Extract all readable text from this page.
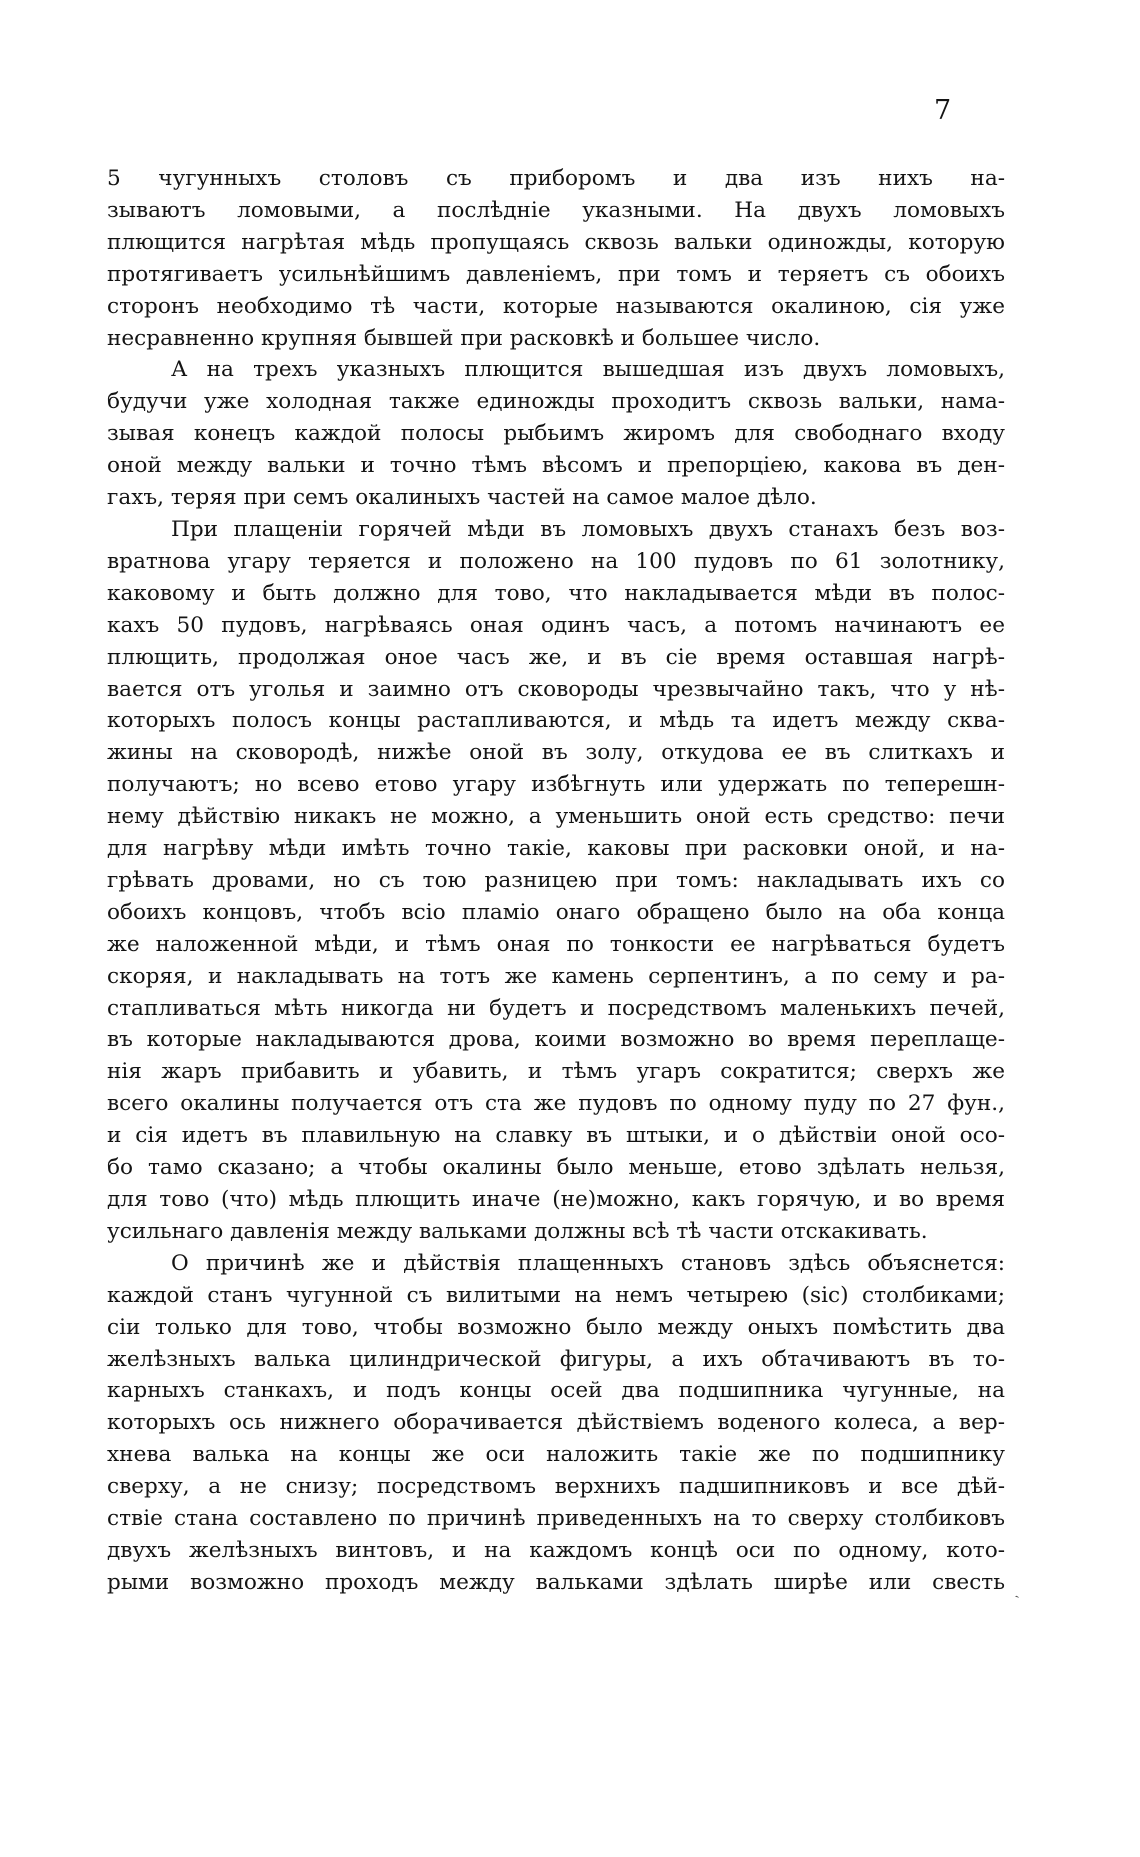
7
5 чугунныхъ столовъ съ приборомъ и два изъ нихъ на-
зываютъ ломовыми, а послѣдніе указными. На двухъ ломовыхъ
плющится нагрѣтая мѣдь пропущаясь сквозь вальки одиножды, которую
протягиваетъ усильнѣйшимъ давленіемъ, при томъ и теряетъ съ обоихъ
сторонъ необходимо тѣ части, которые называются окалиною, сія уже
несравненно крупняя бывшей при расковкѣ и большее число.
А на трехъ указныхъ плющится вышедшая изъ двухъ ломовыхъ,
будучи уже холодная также единожды проходитъ сквозь вальки, нама-
зывая конецъ каждой полосы рыбьимъ жиромъ для свободнаго входу
оной между вальки и точно тѣмъ вѣсомъ и препорціею, какова въ ден-
гахъ, теряя при семъ окалиныхъ частей на самое малое дѣло.
При плащеніи горячей мѣди въ ломовыхъ двухъ станахъ безъ воз-
вратнова угару теряется и положено на 100 пудовъ по 61 золотнику,
каковому и быть должно для тово, что накладывается мѣди въ полос-
кахъ 50 пудовъ, нагрѣваясь оная одинъ часъ, а потомъ начинаютъ ее
плющить, продолжая оное часъ же, и въ сіе время оставшая нагрѣ-
вается отъ уголья и заимно отъ сковороды чрезвычайно такъ, что у нѣ-
которыхъ полосъ концы растапливаются, и мѣдь та идетъ между сква-
жины на сковородѣ, нижѣе оной въ золу, откудова ее въ слиткахъ и
получаютъ; но всево етово угару избѣгнуть или удержать по теперешн-
нему дѣйствію никакъ не можно, а уменьшить оной есть средство: печи
для нагрѣву мѣди имѣть точно такіе, каковы при расковки оной, и на-
грѣвать дровами, но съ тою разницею при томъ: накладывать ихъ со
обоихъ концовъ, чтобъ всіо пламіо онаго обращено было на оба конца
же наложенной мѣди, и тѣмъ оная по тонкости ее нагрѣваться будетъ
скоряя, и накладывать на тотъ же камень серпентинъ, а по сему и ра-
стапливаться мѣть никогда ни будетъ и посредствомъ маленькихъ печей,
въ которые накладываются дрова, коими возможно во время переплаще-
нія жаръ прибавить и убавить, и тѣмъ угаръ сократится; сверхъ же
всего окалины получается отъ ста же пудовъ по одному пуду по 27 фун.,
и сія идетъ въ плавильную на славку въ штыки, и о дѣйствіи оной осо-
бо тамо сказано; а чтобы окалины было меньше, етово здѣлать нельзя,
для тово (что) мѣдь плющить иначе (не)можно, какъ горячую, и во время
усильнаго давленія между вальками должны всѣ тѣ части отскакивать.
О причинѣ же и дѣйствія плащенныхъ становъ здѣсь объяснется:
каждой станъ чугунной съ вилитыми на немъ четырею (sic) столбиками;
сіи только для тово, чтобы возможно было между оныхъ помѣстить два
желѣзныхъ валька цилиндрической фигуры, а ихъ обтачиваютъ въ то-
карныхъ станкахъ, и подъ концы осей два подшипника чугунные, на
которыхъ ось нижнего оборачивается дѣйствіемъ воденого колеса, а вер-
хнева валька на концы же оси наложить такіе же по подшипнику
сверху, а не снизу; посредствомъ верхнихъ падшипниковъ и все дѣй-
ствіе стана составлено по причинѣ приведенныхъ на то сверху столбиковъ
двухъ желѣзныхъ винтовъ, и на каждомъ концѣ оси по одному, кото-
рыми возможно проходъ между вальками здѣлать ширѣе или свесть ˏ
